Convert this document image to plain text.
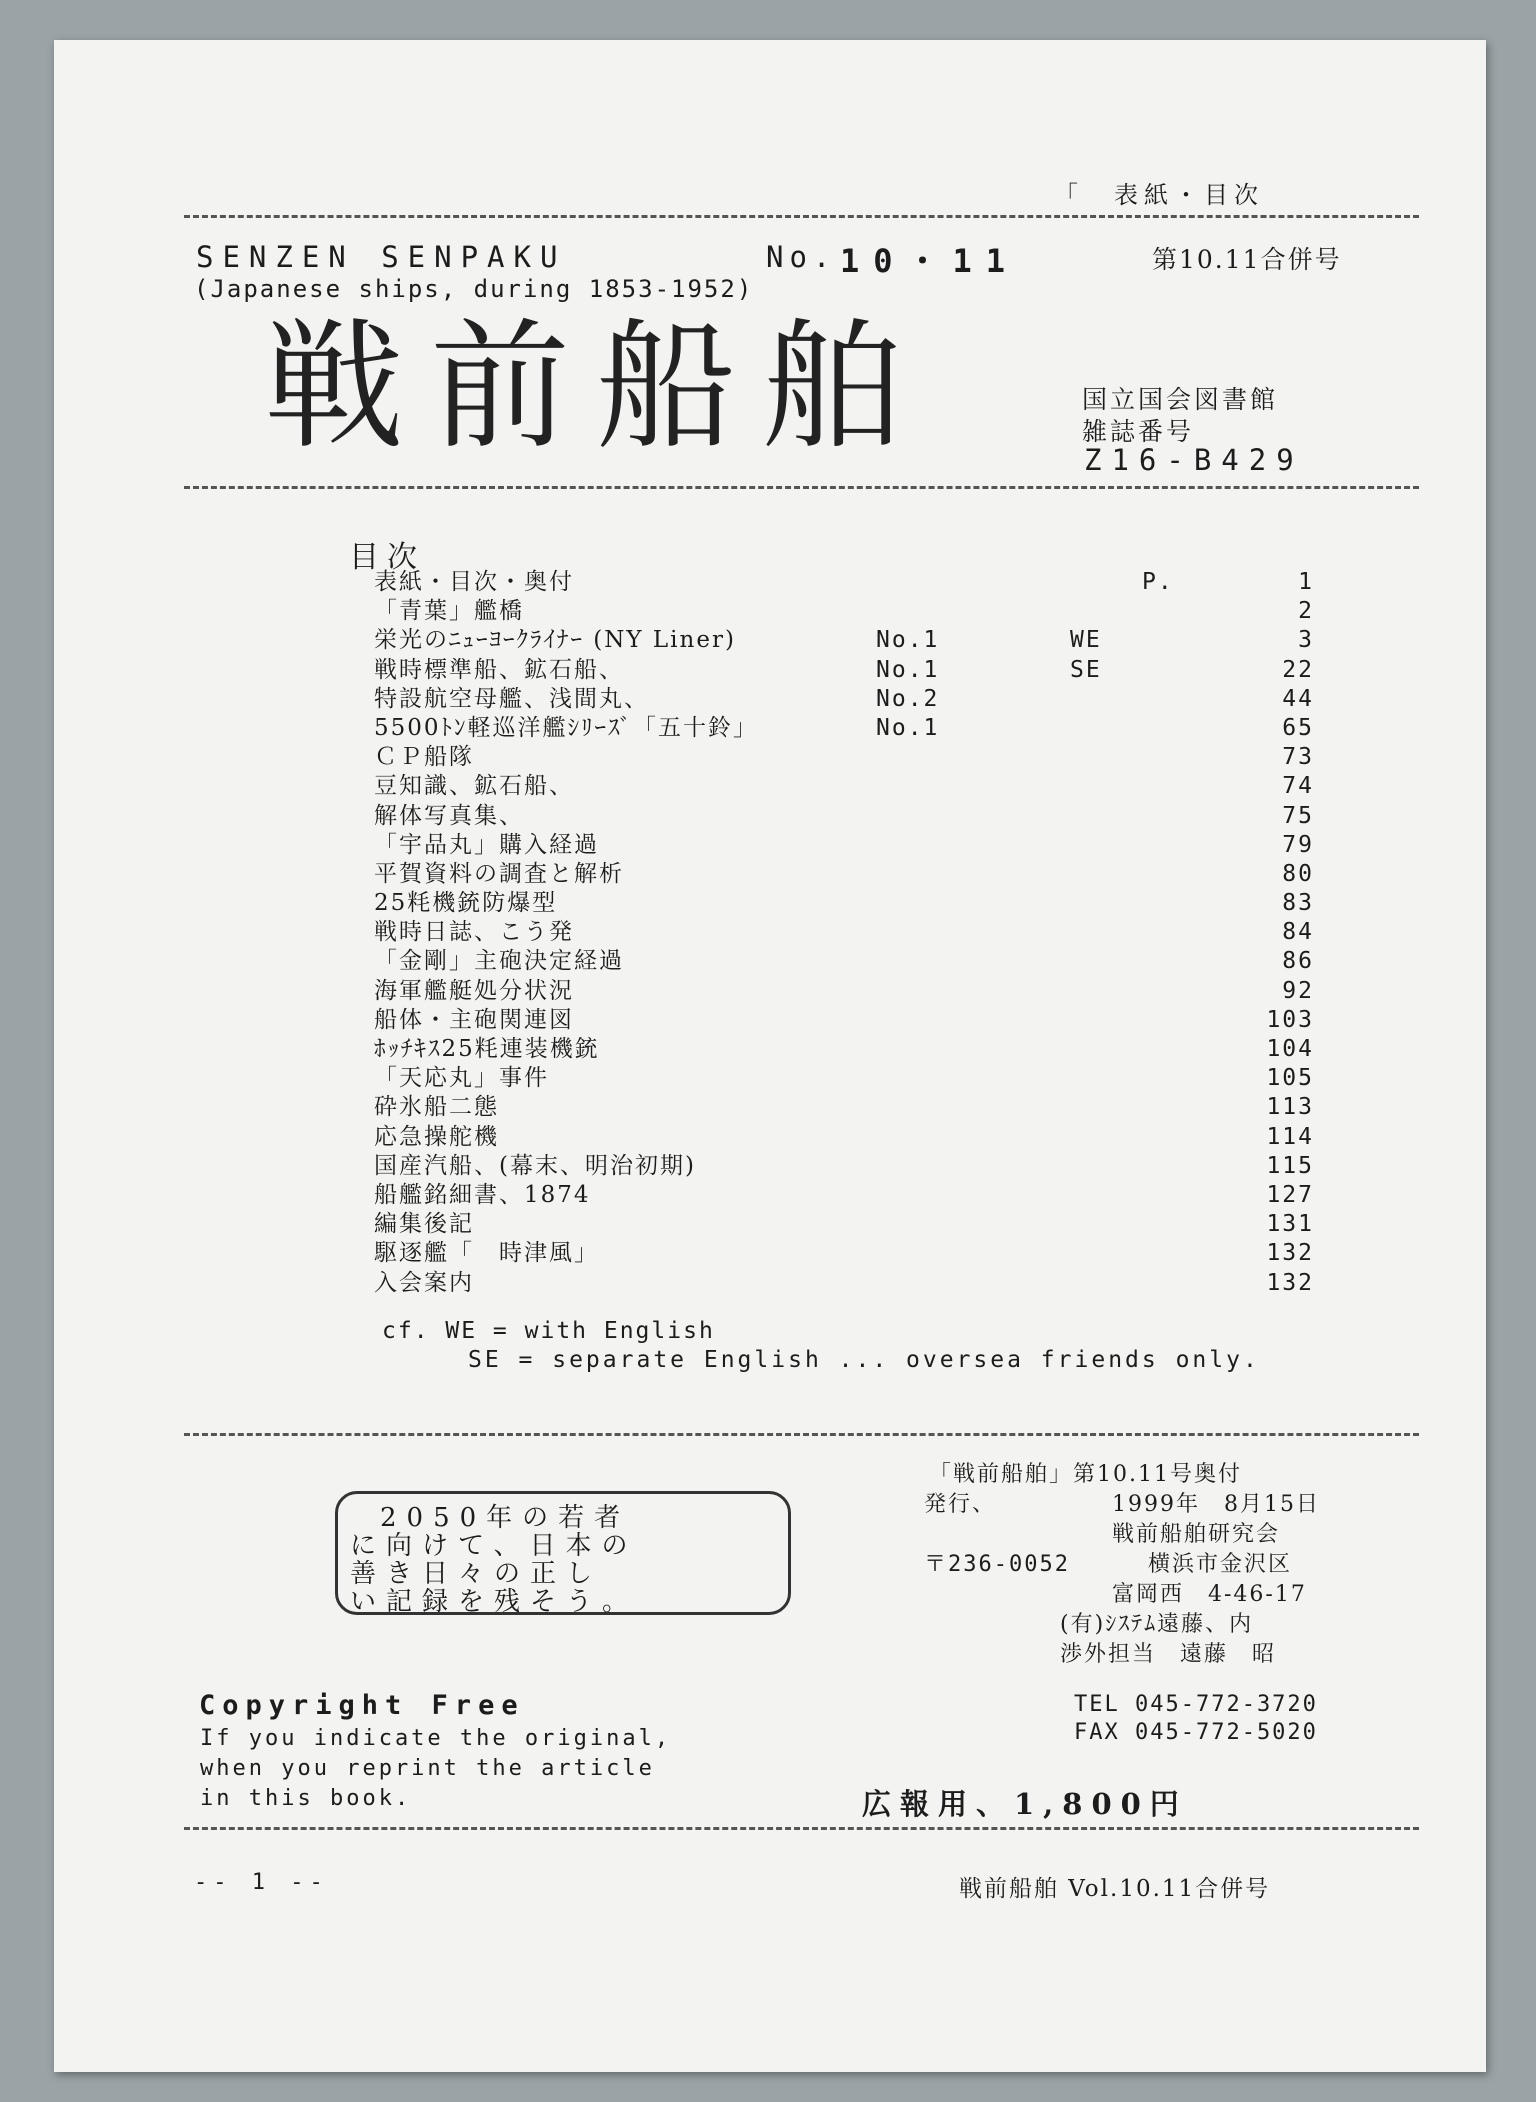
「　表紙・目次
SENZEN SENPAKU	No. 10・11	第10.11合併号
(Japanese ships, during 1853-1952)
戦前船舶	国立国会図書館
雑誌番号
Z16-B429
目次
表紙・目次・奥付	P.	1
「青葉」艦橋	2
栄光のﾆｭｰﾖｰｸﾗｲﾅｰ (NY Liner)	No.1	WE	3
戦時標準船、鉱石船、	No.1	SE	22
特設航空母艦、浅間丸、	No.2	44
5500ﾄﾝ軽巡洋艦ｼﾘｰｽﾞ「五十鈴」	No.1	65
ＣＰ船隊	73
豆知識、鉱石船、	74
解体写真集、	75
「宇品丸」購入経過	79
平賀資料の調査と解析	80
25粍機銃防爆型	83
戦時日誌、こう発	84
「金剛」主砲決定経過	86
海軍艦艇処分状況	92
船体・主砲関連図	103
ﾎｯﾁｷｽ25粍連装機銃	104
「天応丸」事件	105
砕氷船二態	113
応急操舵機	114
国産汽船、(幕末、明治初期)	115
船艦銘細書、1874	127
編集後記	131
駆逐艦「　時津風」	132
入会案内	132
cf. WE = with English
SE = separate English ... oversea friends only.
2050年の若者
に向けて、日本の
善き日々の正し
い記録を残そう。
「戦前船舶」第10.11号奥付
発行、	1999年　8月15日
戦前船舶研究会
〒236-0052	横浜市金沢区
富岡西　4-46-17
(有)ｼｽﾃﾑ遠藤、内
渉外担当　遠藤　昭
TEL 045-772-3720
FAX 045-772-5020
Copyright Free
If you indicate the original,
when you reprint the article
in this book.	広報用、1,800円
-- 1 --	戦前船舶 Vol.10.11合併号
